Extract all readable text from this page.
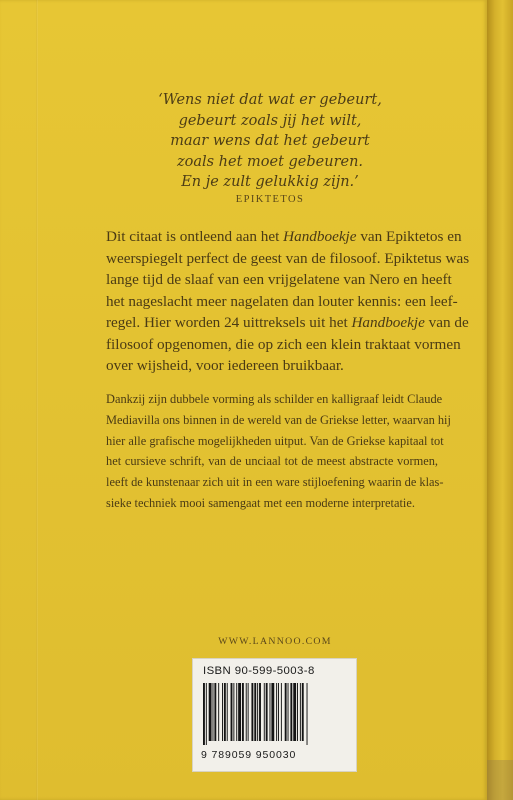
‘Wens niet dat wat er gebeurt,
gebeurt zoals jij het wilt,
maar wens dat het gebeurt
zoals het moet gebeuren.
En je zult gelukkig zijn.’
EPIKTETOS
Dit citaat is ontleend aan het Handboekje van Epiktetos en
weerspiegelt perfect de geest van de filosoof. Epiktetus was
lange tijd de slaaf van een vrijgelatene van Nero en heeft
het nageslacht meer nagelaten dan louter kennis: een leef-
regel. Hier worden 24 uittreksels uit het Handboekje van de
filosoof opgenomen, die op zich een klein traktaat vormen
over wijsheid, voor iedereen bruikbaar.
Dankzij zijn dubbele vorming als schilder en kalligraaf leidt Claude
Mediavilla ons binnen in de wereld van de Griekse letter, waarvan hij
hier alle grafische mogelijkheden uitput. Van de Griekse kapitaal tot
het cursieve schrift, van de unciaal tot de meest abstracte vormen,
leeft de kunstenaar zich uit in een ware stijloefening waarin de klas-
sieke techniek mooi samengaat met een moderne interpretatie.
WWW.LANNOO.COM
ISBN 90-599-5003-8
9 789059 950030
